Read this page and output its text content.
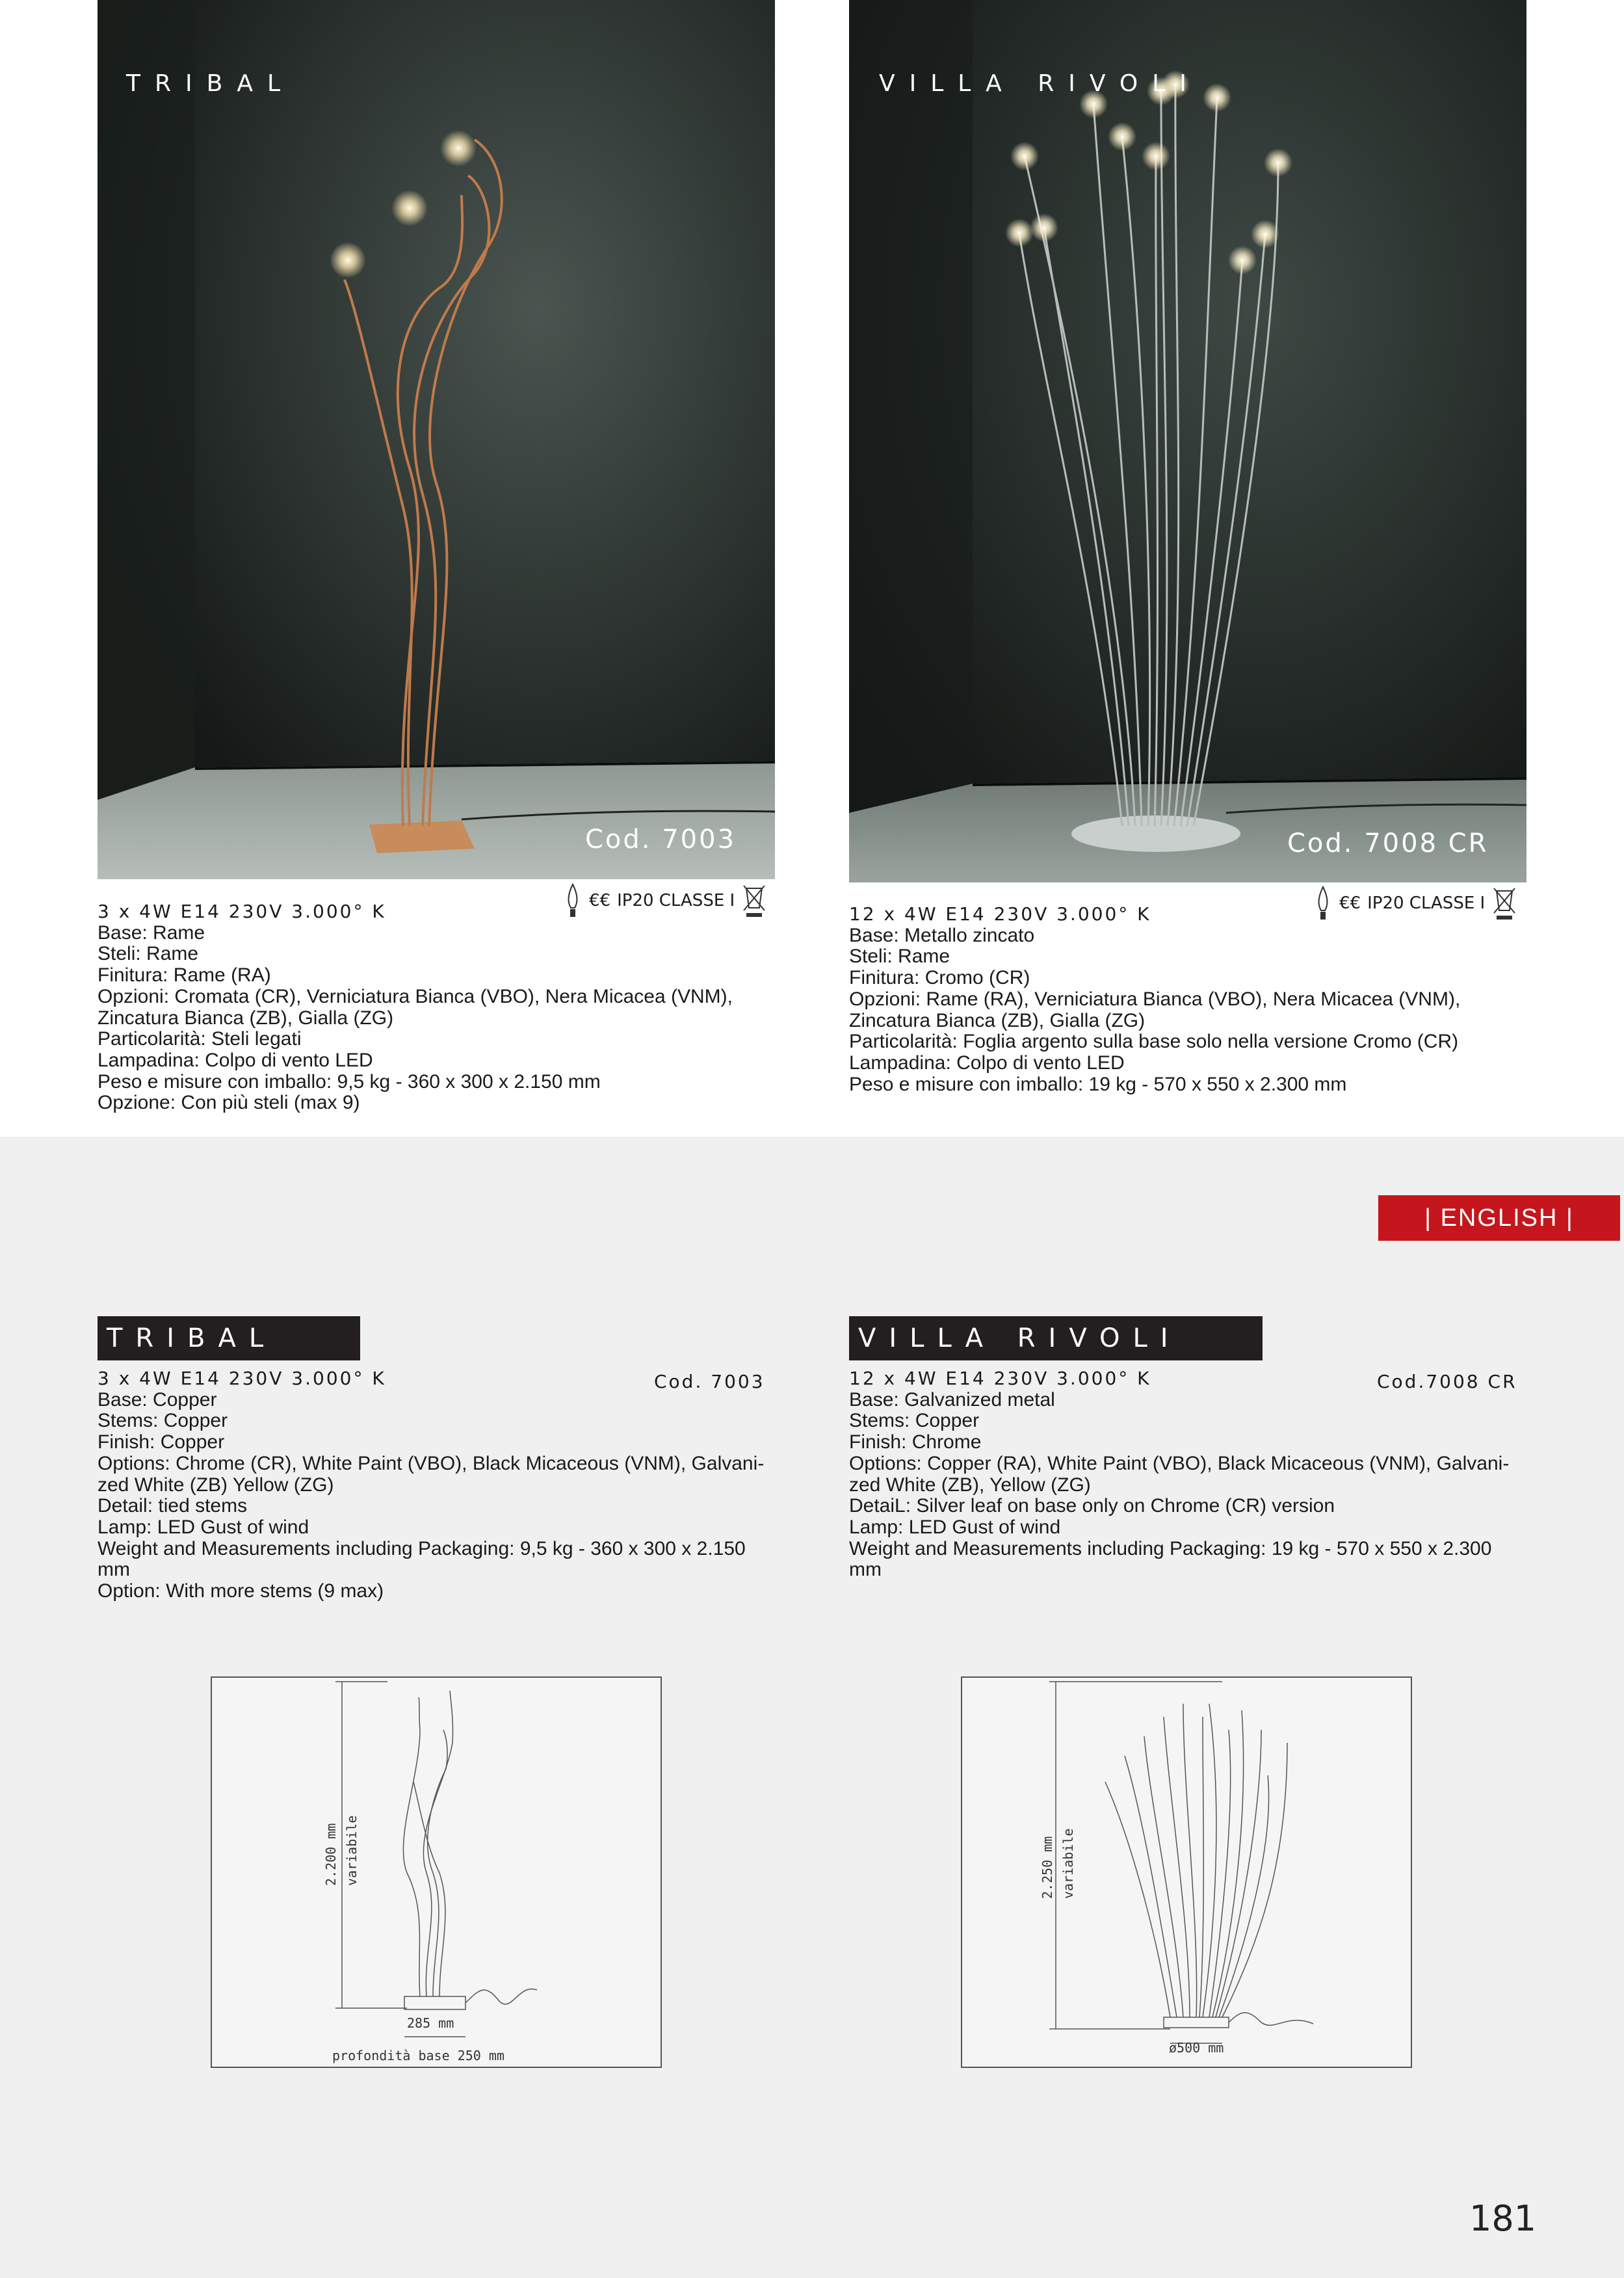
TRIBAL
Cod. 7003
VILLA RIVOLI
Cod. 7008 CR
3 x 4W E14 230V 3.000° K
Base: Rame
Steli: Rame
Finitura: Rame (RA)
Opzioni: Cromata (CR), Verniciatura Bianca (VBO), Nera Micacea (VNM),
Zincatura Bianca (ZB), Gialla (ZG)
Particolarità: Steli legati
Lampadina: Colpo di vento LED
Peso e misure con imballo: 9,5 kg - 360 x 300 x 2.150 mm
Opzione: Con più steli (max 9)
€€ IP20 CLASSE I
12 x 4W E14 230V 3.000° K
Base: Metallo zincato
Steli: Rame
Finitura: Cromo (CR)
Opzioni: Rame (RA), Verniciatura Bianca (VBO), Nera Micacea (VNM),
Zincatura Bianca (ZB), Gialla (ZG)
Particolarità: Foglia argento sulla base solo nella versione Cromo (CR)
Lampadina: Colpo di vento LED
Peso e misure con imballo: 19 kg - 570 x 550 x 2.300 mm
€€ IP20 CLASSE I
| ENGLISH |
TRIBAL
3 x 4W E14 230V 3.000° K
Base: Copper
Stems: Copper
Finish: Copper
Options: Chrome (CR), White Paint (VBO), Black Micaceous (VNM), Galvani-
zed White (ZB) Yellow (ZG)
Detail: tied stems
Lamp: LED Gust of wind
Weight and Measurements including Packaging: 9,5 kg - 360 x 300 x 2.150 mm
Option: With more stems (9 max)
Cod. 7003
VILLA RIVOLI
12 x 4W E14 230V 3.000° K
Base: Galvanized metal
Stems: Copper
Finish: Chrome
Options: Copper (RA), White Paint (VBO), Black Micaceous (VNM), Galvani-
zed White (ZB), Yellow (ZG)
DetaiL: Silver leaf on base only on Chrome (CR) version
Lamp: LED Gust of wind
Weight and Measurements including Packaging: 19 kg - 570 x 550 x 2.300 mm
Cod.7008 CR
2.200 mm variabile
285 mm
profondità base 250 mm
2.250 mm variabile
ø500 mm
181
